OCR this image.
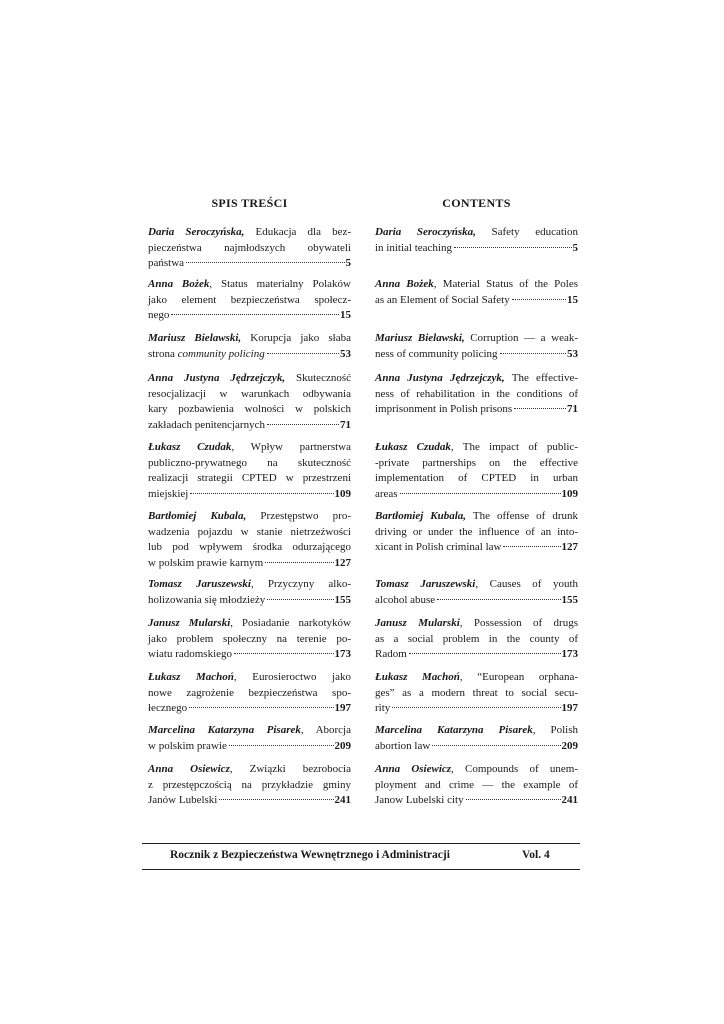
SPIS TREŚCI
Daria Seroczyńska, Edukacja dla bez-
pieczeństwa najmłodszych obywateli
państwa	5
Anna Bożek, Status materialny Polaków
jako element bezpieczeństwa społecz-
nego	15
Mariusz Bielawski, Korupcja jako słaba
strona community policing	53
Anna Justyna Jędrzejczyk, Skuteczność
resocjalizacji w warunkach odbywania
kary pozbawienia wolności w polskich
zakładach penitencjarnych	71
Łukasz Czudak, Wpływ partnerstwa
publiczno-prywatnego na skuteczność
realizacji strategii CPTED w przestrzeni
miejskiej	109
Bartłomiej Kubala, Przestępstwo pro-
wadzenia pojazdu w stanie nietrzeźwości
lub pod wpływem środka odurzającego
w polskim prawie karnym	127
Tomasz Jaruszewski, Przyczyny alko-
holizowania się młodzieży	155
Janusz Mularski, Posiadanie narkotyków
jako problem społeczny na terenie po-
wiatu radomskiego	173
Łukasz Machoń, Eurosieroctwo jako
nowe zagrożenie bezpieczeństwa spo-
łecznego	197
Marcelina Katarzyna Pisarek, Aborcja
w polskim prawie	209
Anna Osiewicz, Związki bezrobocia
z przestępczością na przykładzie gminy
Janów Lubelski	241
CONTENTS
Daria Seroczyńska, Safety education
in initial teaching	5
Anna Bożek, Material Status of the Poles
as an Element of Social Safety	15
Mariusz Bielawski, Corruption — a weak-
ness of community policing	53
Anna Justyna Jędrzejczyk, The effective-
ness of rehabilitation in the conditions of
imprisonment in Polish prisons	71
Łukasz Czudak, The impact of public-
-private partnerships on the effective
implementation of CPTED in urban
areas	109
Bartłomiej Kubala, The offense of drunk
driving or under the influence of an into-
xicant in Polish criminal law	127
Tomasz Jaruszewski, Causes of youth
alcohol abuse	155
Janusz Mularski, Possession of drugs
as a social problem in the county of
Radom	173
Łukasz Machoń, “European orphana-
ges” as a modern threat to social secu-
rity	197
Marcelina Katarzyna Pisarek, Polish
abortion law	209
Anna Osiewicz, Compounds of unem-
ployment and crime — the example of
Janow Lubelski city	241
Rocznik z Bezpieczeństwa Wewnętrznego i Administracji	Vol. 4
